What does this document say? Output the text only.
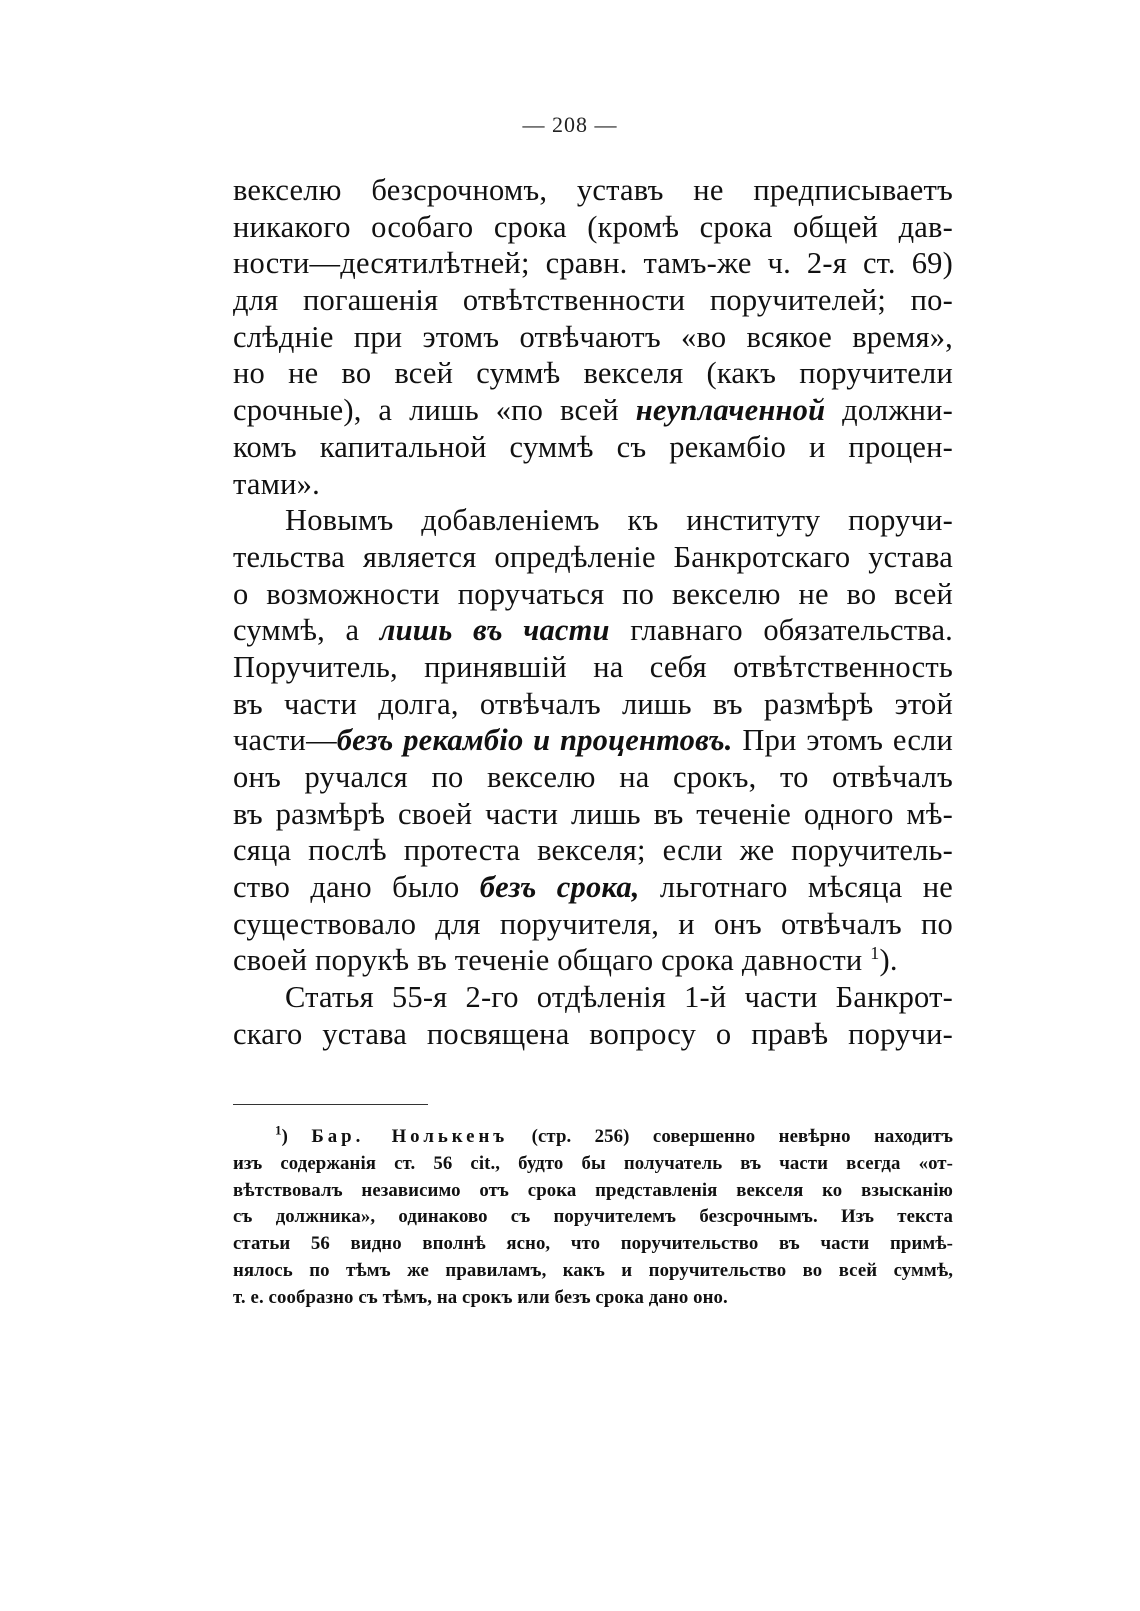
— 208 —
векселю безсрочномъ, уставъ не предписываетъ
никакого особаго срока (кромѣ срока общей дав-
ности—десятилѣтней; сравн. тамъ-же ч. 2-я ст. 69)
для погашенія отвѣтственности поручителей; по-
слѣдніе при этомъ отвѣчаютъ «во всякое время»,
но не во всей суммѣ векселя (какъ поручители
срочные), а лишь «по всей неуплаченной должни-
комъ капитальной суммѣ съ рекамбіо и процен-
тами».
Новымъ добавленіемъ къ институту поручи-
тельства является опредѣленіе Банкротскаго устава
о возможности поручаться по векселю не во всей
суммѣ, а лишь въ части главнаго обязательства.
Поручитель, принявшій на себя отвѣтственность
въ части долга, отвѣчалъ лишь въ размѣрѣ этой
части—безъ рекамбіо и процентовъ. При этомъ если
онъ ручался по векселю на срокъ, то отвѣчалъ
въ размѣрѣ своей части лишь въ теченіе одного мѣ-
сяца послѣ протеста векселя; если же поручитель-
ство дано было безъ срока, льготнаго мѣсяца не
существовало для поручителя, и онъ отвѣчалъ по
своей порукѣ въ теченіе общаго срока давности $^1$).
Статья 55-я 2-го отдѣленія 1-й части Банкрот-
скаго устава посвящена вопросу о правѣ поручи-
$^1$) Бар. Нолькенъ (стр. 256) совершенно невѣрно находитъ
изъ содержанія ст. 56 cit., будто бы получатель въ части всегда «от-
вѣтствовалъ независимо отъ срока представленія векселя ко взысканію
съ должника», одинаково съ поручителемъ безсрочнымъ. Изъ текста
статьи 56 видно вполнѣ ясно, что поручительство въ части примѣ-
нялось по тѣмъ же правиламъ, какъ и поручительство во всей суммѣ,
т. е. сообразно съ тѣмъ, на срокъ или безъ срока дано оно.
